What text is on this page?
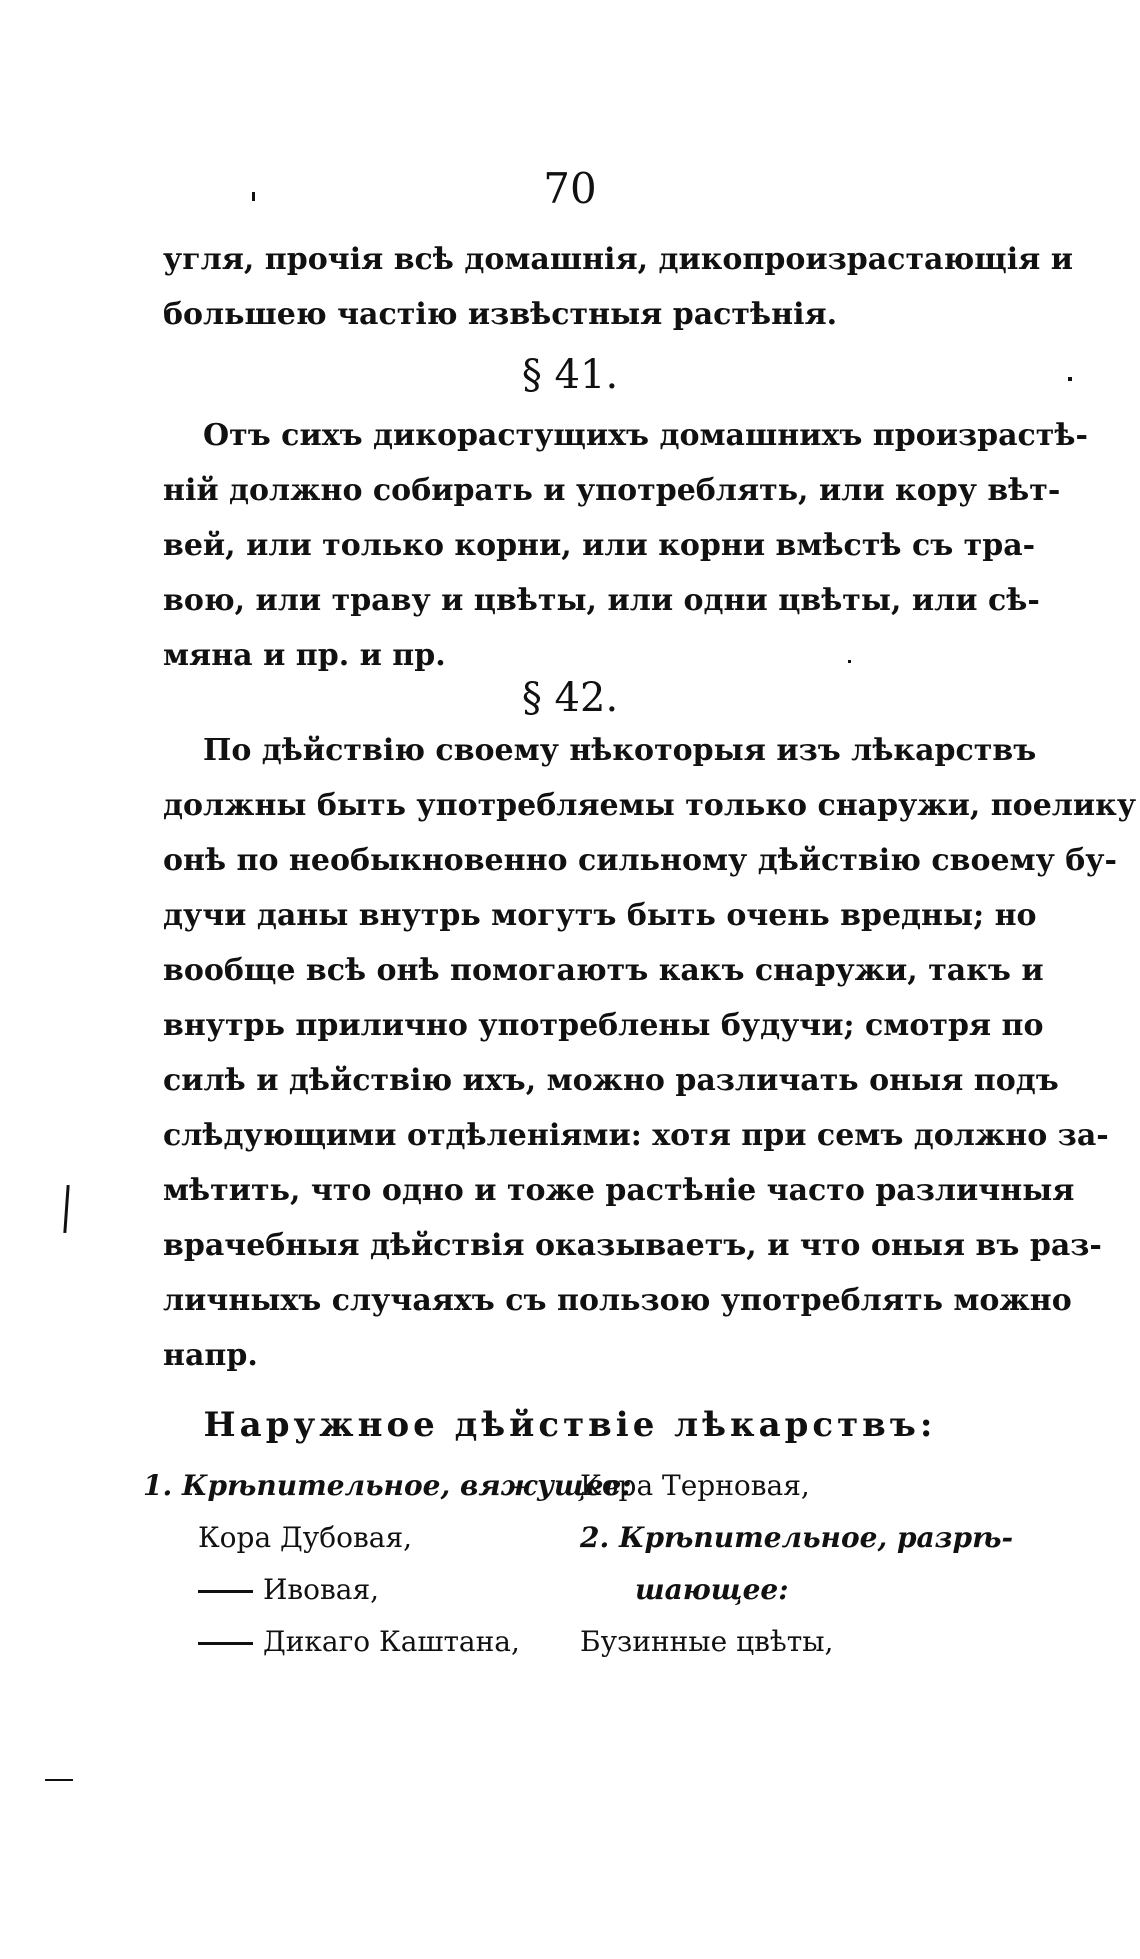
70
угля, прочія всѣ домашнія, дикопроизрастающія и
большею частію извѣстныя растѣнія.
§ 41.
Отъ сихъ дикорастущихъ домашнихъ произрастѣ-
ній должно собирать и употреблять, или кору вѣт-
вей, или только корни, или корни вмѣстѣ съ тра-
вою, или траву и цвѣты, или одни цвѣты, или сѣ-
мяна и пр. и пр.
§ 42.
По дѣйствію своему нѣкоторыя изъ лѣкарствъ
должны быть употребляемы только снаружи, поелику
онѣ по необыкновенно сильному дѣйствію своему бу-
дучи даны внутрь могутъ быть очень вредны; но
вообще всѣ онѣ помогаютъ какъ снаружи, такъ и
внутрь прилично употреблены будучи; смотря по
силѣ и дѣйствію ихъ, можно различать оныя подъ
слѣдующими отдѣленіями: хотя при семъ должно за-
мѣтить, что одно и тоже растѣніе часто различныя
врачебныя дѣйствія оказываетъ, и что оныя въ раз-
личныхъ случаяхъ съ пользою употреблять можно
напр.
Наружное дѣйствіе лѣкарствъ:
1. Крѣпительное, вяжущее:
Кора Дубовая,
Ивовая,
Дикаго Каштана,
Кора Терновая,
2. Крѣпительное, разрѣ-
шающее:
Бузинные цвѣты,
